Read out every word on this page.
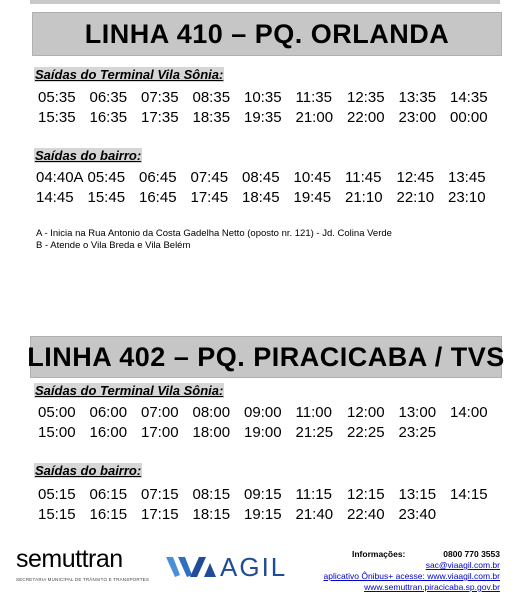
LINHA 410 – PQ. ORLANDA
Saídas do Terminal Vila Sônia:
05:35 06:35 07:35 08:35 10:35 11:35 12:35 13:35 14:35
15:35 16:35 17:35 18:35 19:35 21:00 22:00 23:00 00:00
Saídas do bairro:
04:40A 05:45 06:45 07:45 08:45 10:45 11:45 12:45 13:45
14:45 15:45 16:45 17:45 18:45 19:45 21:10 22:10 23:10
A - Inicia na Rua Antonio da Costa Gadelha Netto (oposto nr. 121) - Jd. Colina Verde
B - Atende o Vila Breda e Vila Belém
LINHA 402 – PQ. PIRACICABA / TVS
Saídas do Terminal Vila Sônia:
05:00 06:00 07:00 08:00 09:00 11:00 12:00 13:00 14:00
15:00 16:00 17:00 18:00 19:00 21:25 22:25 23:25
Saídas do bairro:
05:15 06:15 07:15 08:15 09:15 11:15 12:15 13:15 14:15
15:15 16:15 17:15 18:15 19:15 21:40 22:40 23:40
semuttran
SECRETARIA MUNICIPAL DE TRÂNSITO E TRANSPORTES	AGIL	Informações:	0800 770 3553
sac@viaagil.com.br
aplicativo Ônibus+ acesse: www.viaagil.com.br
www.semuttran.piracicaba.sp.gov.br
